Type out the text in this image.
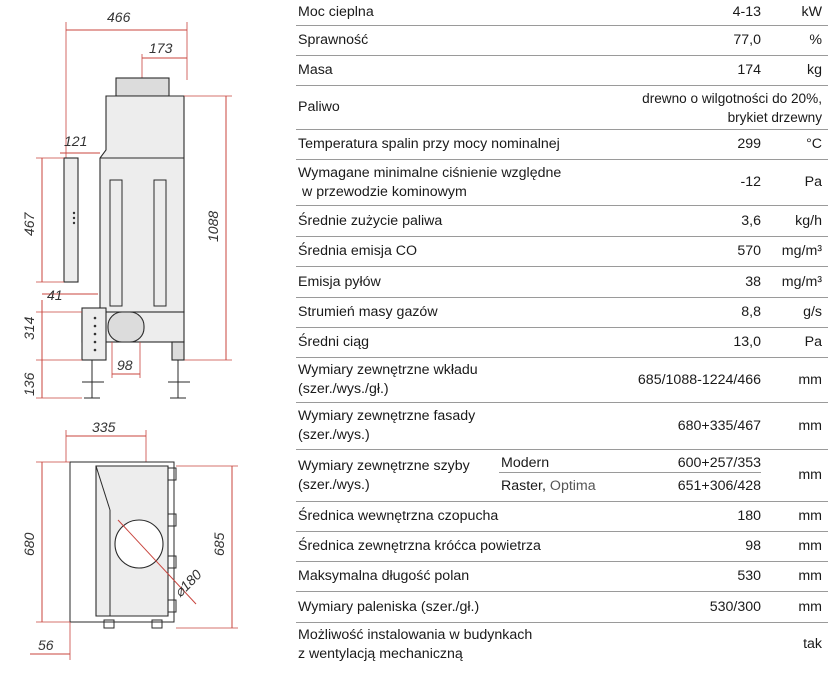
466
173
121
467	1088
41
314
98
136
335
⌀180
680	685
56
Moc cieplna	4-13	kW
Sprawność	77,0	%
Masa	174	kg
Paliwo
drewno o wilgotności do 20%,
brykiet drzewny
Temperatura spalin przy mocy nominalnej	299	°C
Wymagane minimalne ciśnienie względne
w przewodzie kominowym
-12	Pa
Średnie zużycie paliwa	3,6	kg/h
Średnia emisja CO	570	mg/m³
Emisja pyłów	38	mg/m³
Strumień masy gazów	8,8	g/s
Średni ciąg	13,0	Pa
Wymiary zewnętrzne wkładu
(szer./wys./gł.)
685/1088-1224/466	mm
Wymiary zewnętrzne fasady
(szer./wys.)
680+335/467	mm
Wymiary zewnętrzne szyby
(szer./wys.)
Modern	600+257/353
Raster,
Optima	651+306/428
mm
Średnica wewnętrzna czopucha	180	mm
Średnica zewnętrzna króćca powietrza	98	mm
Maksymalna długość polan	530	mm
Wymiary paleniska (szer./gł.)	530/300	mm
Możliwość instalowania w budynkach
z wentylacją mechaniczną
tak
